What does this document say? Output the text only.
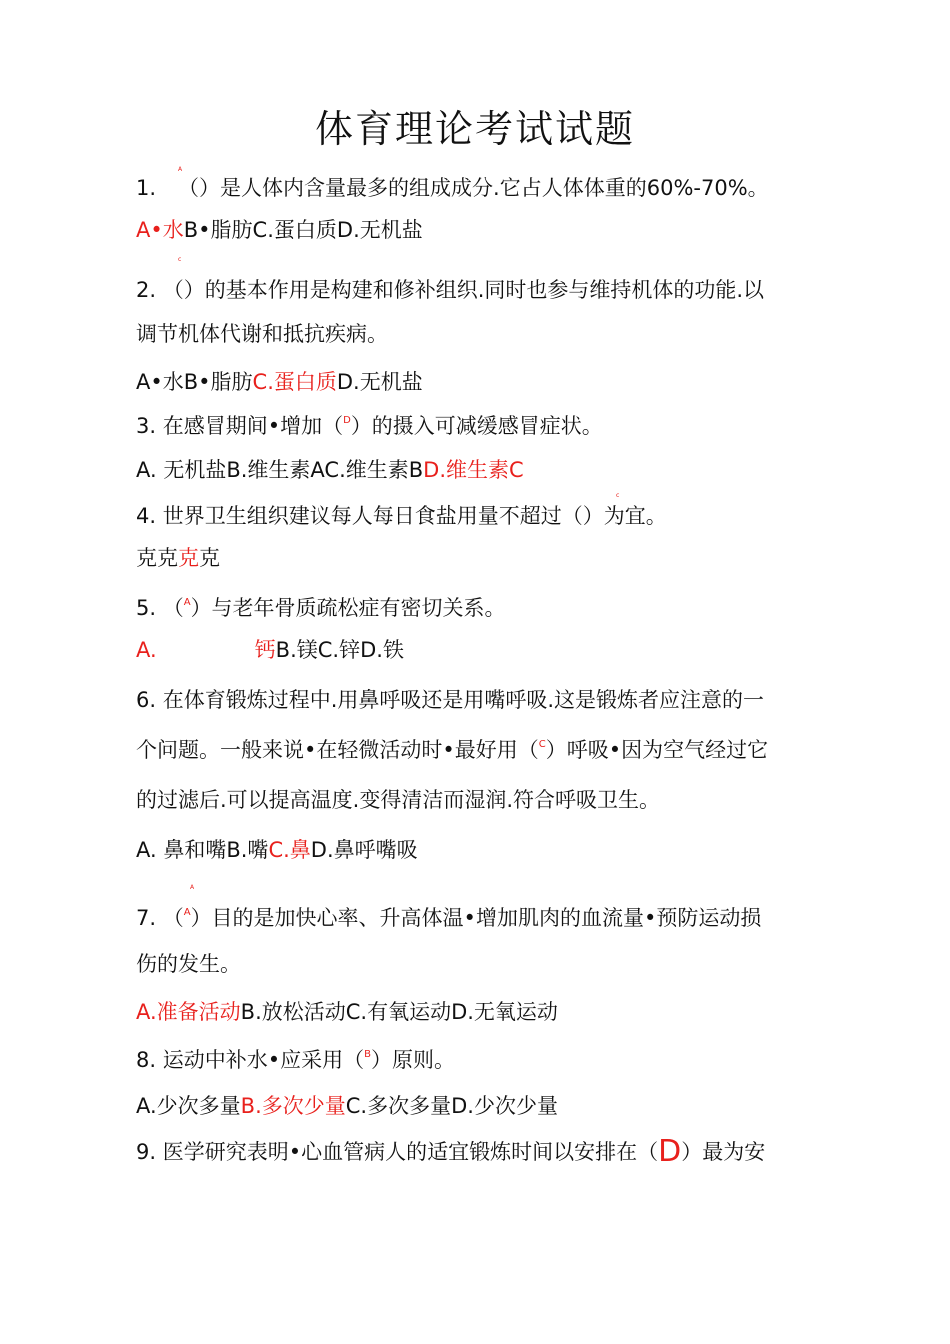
体育理论考试试题
A
1. （）是人体内含量最多的组成成分.它占人体体重的60%-70%。
A•水B•脂肪C.蛋白质D.无机盐
c
2. （）的基本作用是构建和修补组织.同时也参与维持机体的功能.以
调节机体代谢和抵抗疾病。
A•水B•脂肪C.蛋白质D.无机盐
3. 在感冒期间•增加（$^D$）的摄入可减缓感冒症状。
A. 无机盐B.维生素AC.维生素BD.维生素C
c
4. 世界卫生组织建议每人每日食盐用量不超过（）为宜。
克克克克
5. （$^A$）与老年骨质疏松症有密切关系。
A.	钙B.镁C.锌D.铁
6. 在体育锻炼过程中.用鼻呼吸还是用嘴呼吸.这是锻炼者应注意的一
个问题。一般来说•在轻微活动时•最好用（$^C$）呼吸•因为空气经过它
的过滤后.可以提高温度.变得清洁而湿润.符合呼吸卫生。
A. 鼻和嘴B.嘴C.鼻D.鼻呼嘴吸
A
7. （$^A$）目的是加快心率、升高体温•增加肌肉的血流量•预防运动损
伤的发生。
A.准备活动B.放松活动C.有氧运动D.无氧运动
8. 运动中补水•应采用（$^B$）原则。
A.少次多量B.多次少量C.多次多量D.少次少量
9. 医学研究表明•心血管病人的适宜锻炼时间以安排在（D）最为安
